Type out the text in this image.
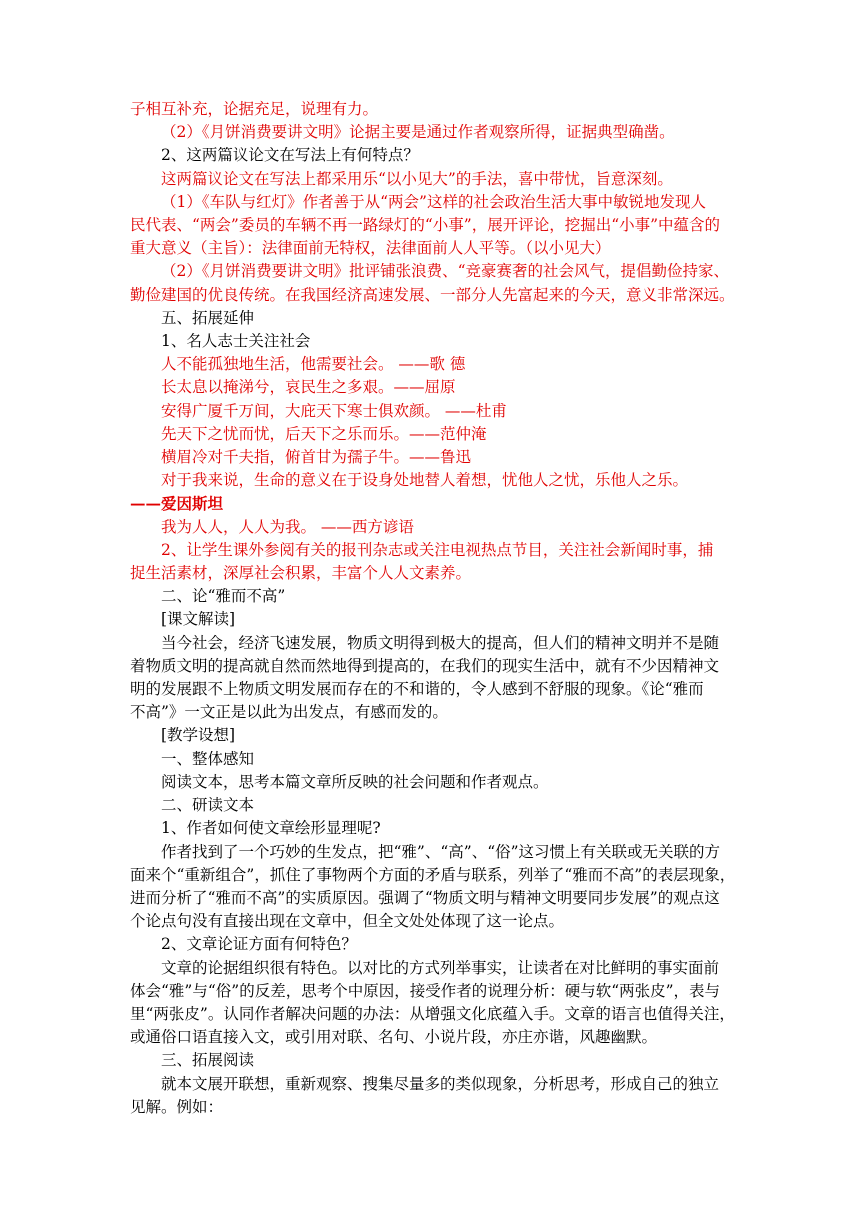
子相互补充，论据充足，说理有力。

（2）《月饼消费要讲文明》论据主要是通过作者观察所得，证据典型确凿。

2、这两篇议论文在写法上有何特点？

这两篇议论文在写法上都采用乐“以小见大”的手法，喜中带忧，旨意深刻。

（1）《车队与红灯》作者善于从“两会”这样的社会政治生活大事中敏锐地发现人

民代表、“两会”委员的车辆不再一路绿灯的“小事”，展开评论，挖掘出“小事”中蕴含的

重大意义（主旨）：法律面前无特权，法律面前人人平等。（以小见大）

（2）《月饼消费要讲文明》批评铺张浪费、“竞豪赛奢的社会风气，提倡勤俭持家、

勤俭建国的优良传统。在我国经济高速发展、一部分人先富起来的今天，意义非常深远。

五、拓展延伸

1、名人志士关注社会

人不能孤独地生活，他需要社会。 ——歌 德

长太息以掩涕兮，哀民生之多艰。——屈原

安得广厦千万间，大庇天下寒士俱欢颜。 ——杜甫

先天下之忧而忧，后天下之乐而乐。——范仲淹

横眉冷对千夫指，俯首甘为孺子牛。——鲁迅

对于我来说，生命的意义在于设身处地替人着想，忧他人之忧，乐他人之乐。

——爱因斯坦

我为人人，人人为我。 ——西方谚语

2、让学生课外参阅有关的报刊杂志或关注电视热点节目，关注社会新闻时事，捕

捉生活素材，深厚社会积累，丰富个人人文素养。

二、论“雅而不高”

[课文解读]

当今社会，经济飞速发展，物质文明得到极大的提高，但人们的精神文明并不是随

着物质文明的提高就自然而然地得到提高的，在我们的现实生活中，就有不少因精神文

明的发展跟不上物质文明发展而存在的不和谐的，令人感到不舒服的现象。《论“雅而

不高”》一文正是以此为出发点，有感而发的。

[教学设想]

一、整体感知

阅读文本，思考本篇文章所反映的社会问题和作者观点。

二、研读文本

1、作者如何使文章绘形显理呢?

作者找到了一个巧妙的生发点，把“雅”、“高”、“俗”这习惯上有关联或无关联的方

面来个“重新组合”，抓住了事物两个方面的矛盾与联系，列举了“雅而不高”的表层现象，

进而分析了“雅而不高”的实质原因。强调了“物质文明与精神文明要同步发展”的观点这

个论点句没有直接出现在文章中，但全文处处体现了这一论点。

2、文章论证方面有何特色？

文章的论据组织很有特色。以对比的方式列举事实，让读者在对比鲜明的事实面前

体会“雅”与“俗”的反差，思考个中原因，接受作者的说理分析：硬与软“两张皮”，表与

里“两张皮”。认同作者解决问题的办法：从增强文化底蕴入手。文章的语言也值得关注，

或通俗口语直接入文，或引用对联、名句、小说片段，亦庄亦谐，风趣幽默。

三、拓展阅读

就本文展开联想，重新观察、搜集尽量多的类似现象，分析思考，形成自己的独立

见解。例如：
